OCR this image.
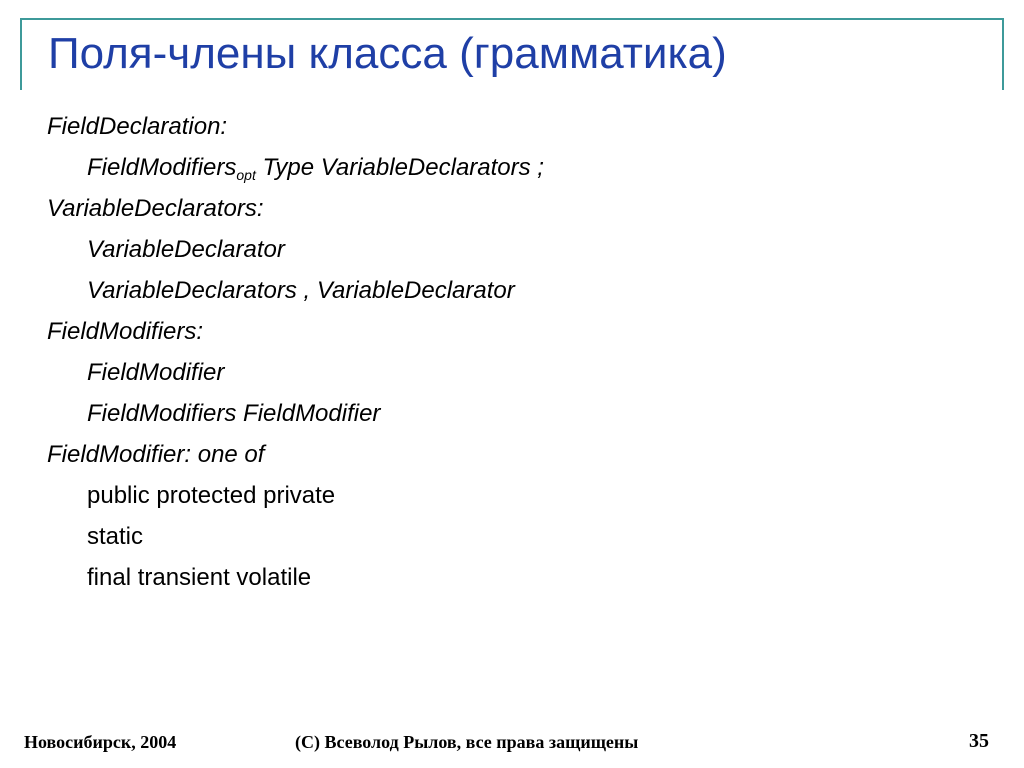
Поля-члены класса (грамматика)
FieldDeclaration:
FieldModifiers$_{opt}$ Type VariableDeclarators ;
VariableDeclarators:
VariableDeclarator
VariableDeclarators , VariableDeclarator
FieldModifiers:
FieldModifier
FieldModifiers FieldModifier
FieldModifier: one of
public protected private
static
final transient volatile
Новосибирск, 2004	(C) Всеволод Рылов, все права защищены	35
